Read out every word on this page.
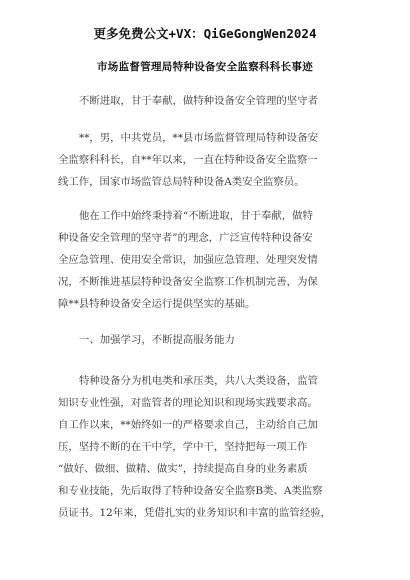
更多免费公文+VX：QiGeGongWen2024
市场监督管理局特种设备安全监察科科长事迹
不断进取，甘于奉献，做特种设备安全管理的坚守者
**，男，中共党员，**县市场监督管理局特种设备安
全监察科科长，自**年以来，一直在特种设备安全监察一
线工作，国家市场监管总局特种设备A类安全监察员。
他在工作中始终秉持着“不断进取，甘于奉献，做特
种设备安全管理的坚守者”的理念，广泛宣传特种设备安
全应急管理、使用安全常识，加强应急管理、处理突发情
况，不断推进基层特种设备安全监察工作机制完善，为保
障**县特种设备安全运行提供坚实的基础。
一、加强学习，不断提高服务能力
特种设备分为机电类和承压类，共八大类设备，监管
知识专业性强，对监管者的理论知识和现场实践要求高。
自工作以来，**始终如一的严格要求自己，主动给自己加
压，坚持不断的在干中学，学中干，坚持把每一项工作
“做好、做细、做精、做实”，持续提高自身的业务素质
和专业技能，先后取得了特种设备安全监察B类、A类监察
员证书。12年来，凭借扎实的业务知识和丰富的监管经验，
